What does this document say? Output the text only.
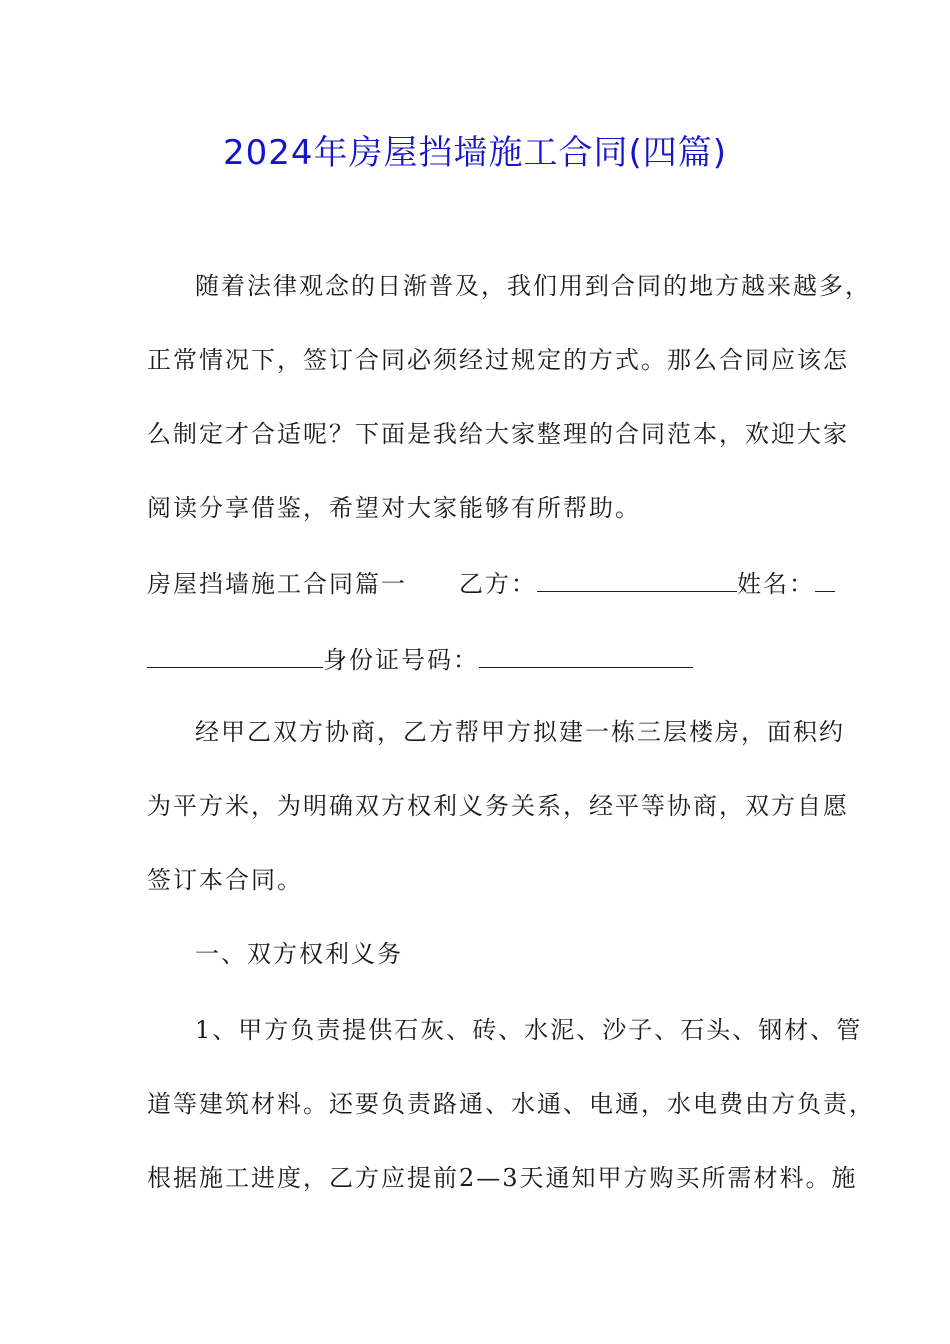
2024年房屋挡墙施工合同(四篇)
随着法律观念的日渐普及，我们用到合同的地方越来越多，
正常情况下，签订合同必须经过规定的方式。那么合同应该怎
么制定才合适呢？下面是我给大家整理的合同范本，欢迎大家
阅读分享借鉴，希望对大家能够有所帮助。
房屋挡墙施工合同篇一 乙方：	姓名：
身份证号码：
经甲乙双方协商，乙方帮甲方拟建一栋三层楼房，面积约
为平方米，为明确双方权利义务关系，经平等协商，双方自愿
签订本合同。
一、双方权利义务
1、甲方负责提供石灰、砖、水泥、沙子、石头、钢材、管
道等建筑材料。还要负责路通、水通、电通，水电费由方负责，
根据施工进度，乙方应提前2—3天通知甲方购买所需材料。施
